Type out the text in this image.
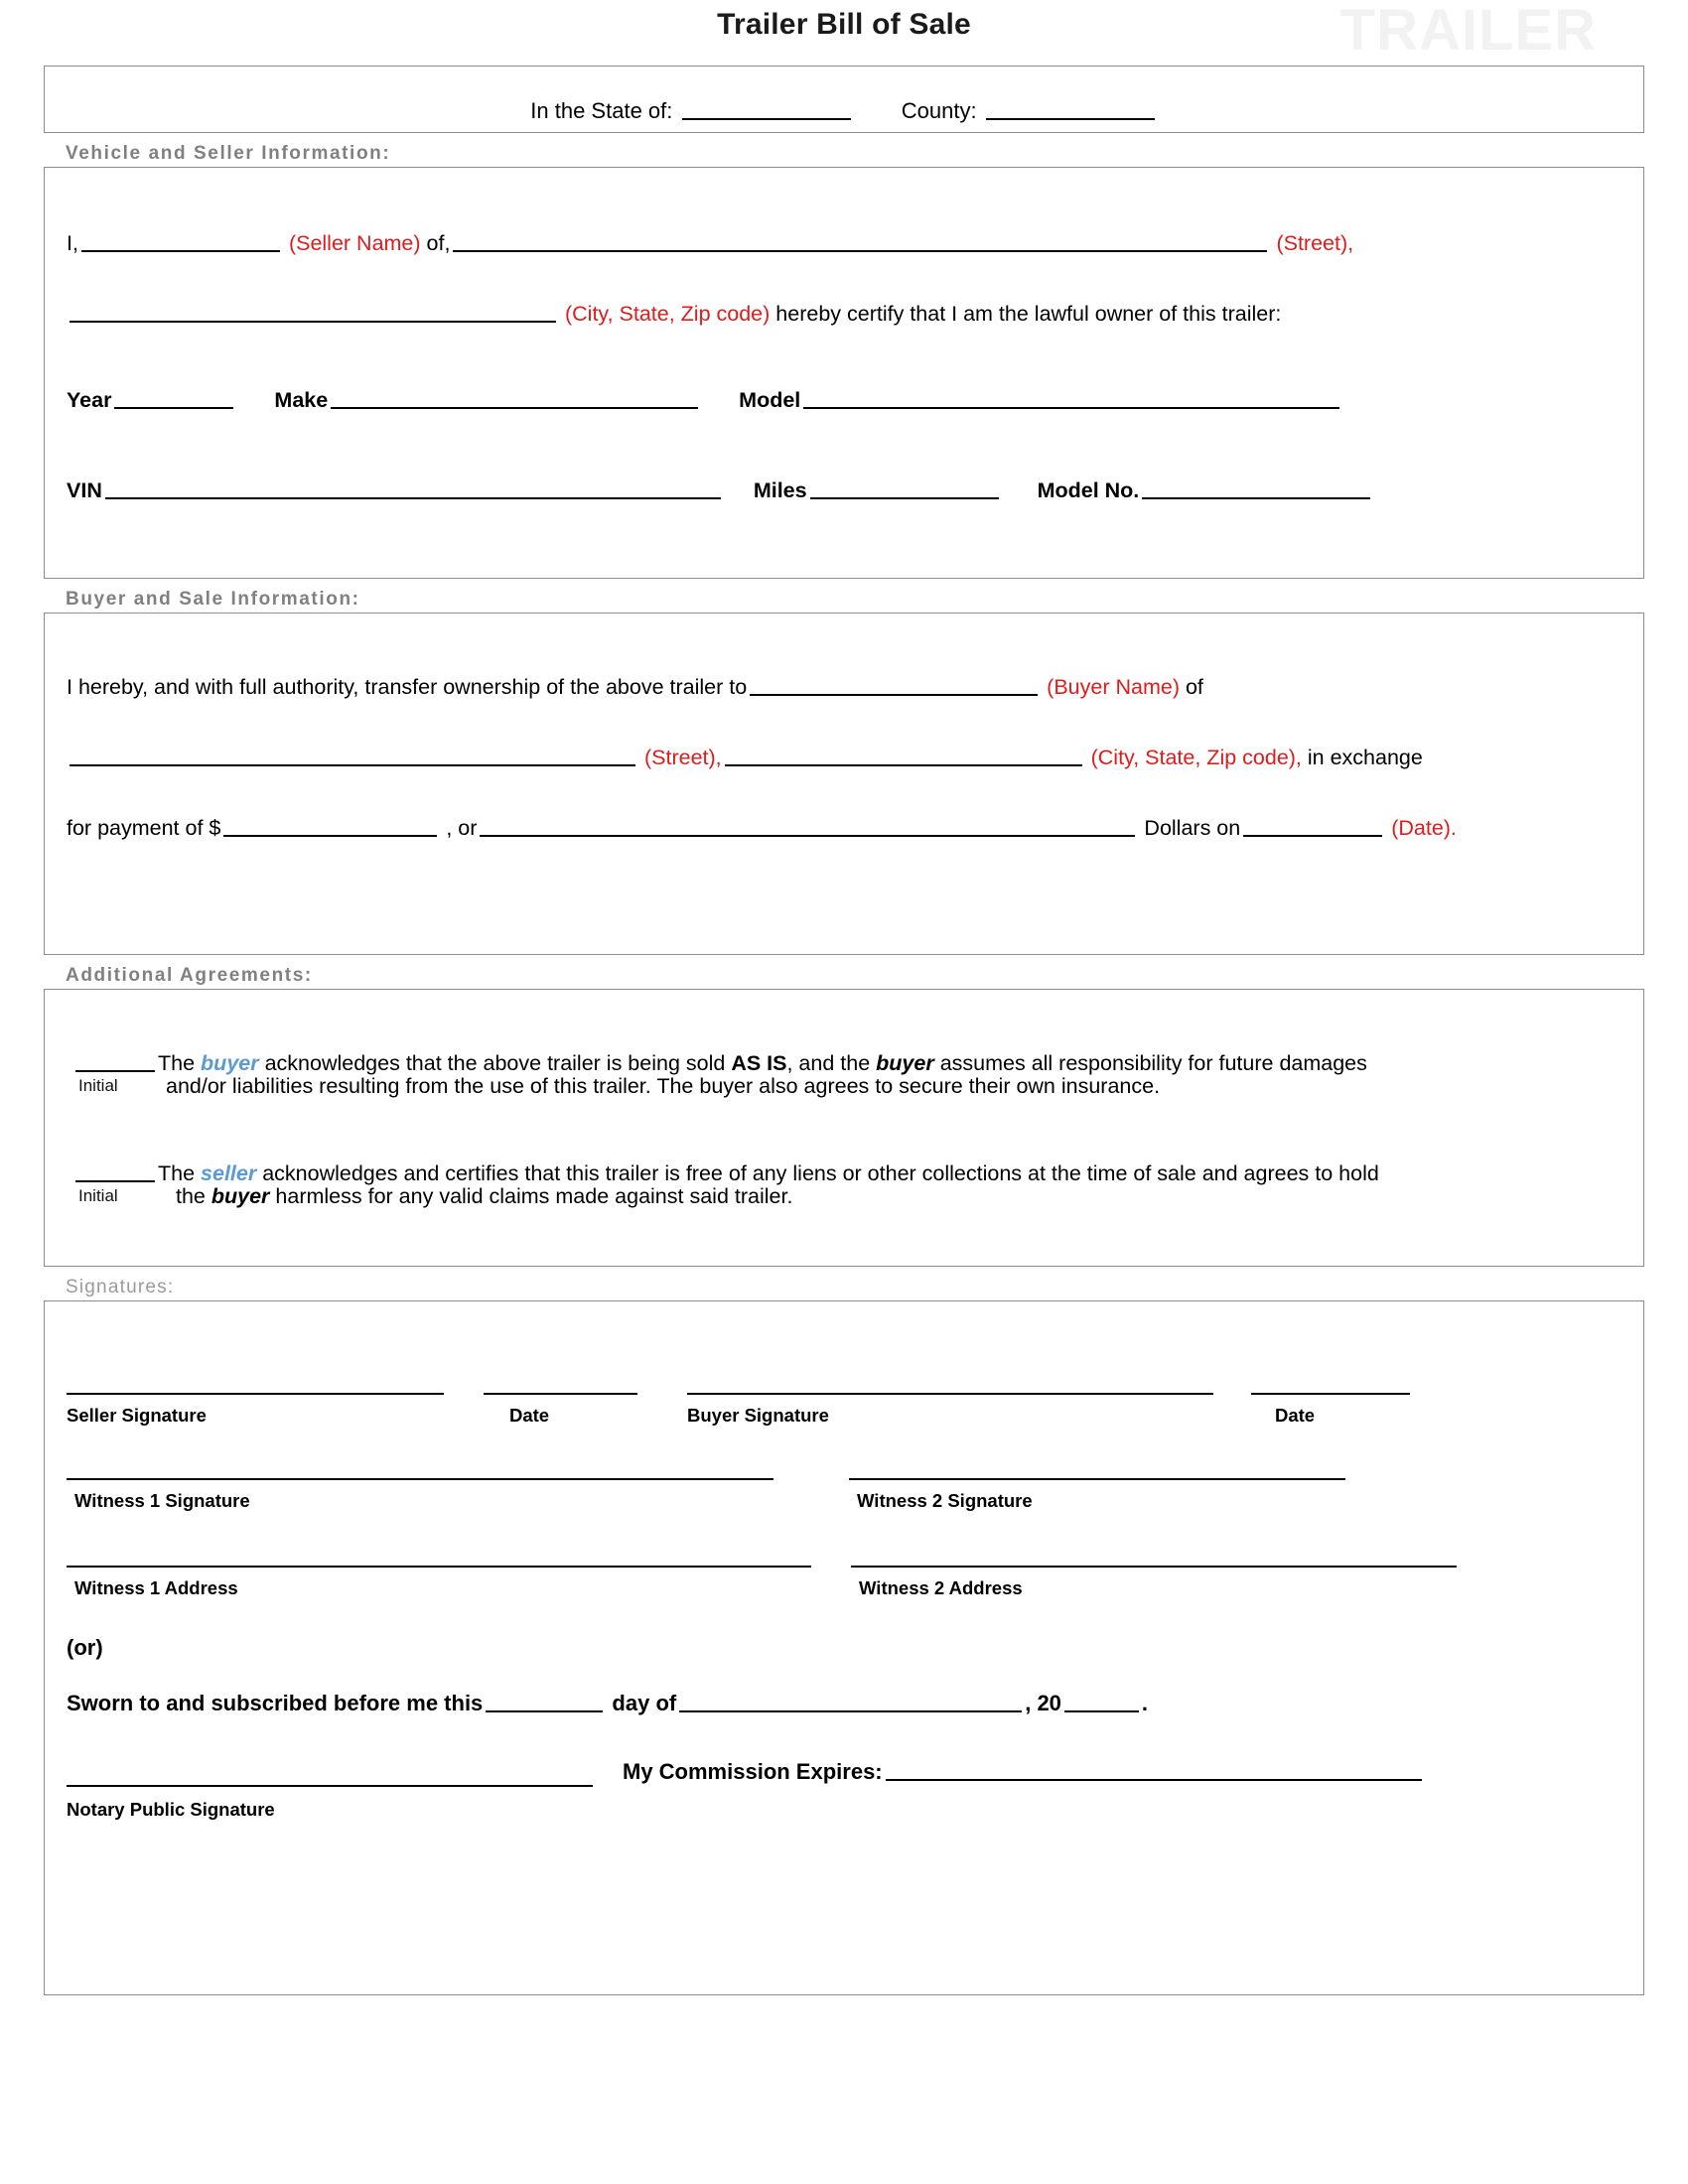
Trailer Bill of Sale	TRAILER
In the State of:	County:
Vehicle and Seller Information:
I,	(Seller Name) of,	(Street),
(City, State, Zip code) hereby certify that I am the lawful owner of this trailer:
Year	Make	Model
VIN	Miles	Model No.
Buyer and Sale Information:
I hereby, and with full authority, transfer ownership of the above trailer to	(Buyer Name) of
(Street),	(City, State, Zip code), in exchange
for payment of $	, or	Dollars on	(Date).
Additional Agreements:
The buyer acknowledges that the above trailer is being sold AS IS, and the buyer assumes all responsibility for future damages
Initial and/or liabilities resulting from the use of this trailer. The buyer also agrees to secure their own insurance.
The seller acknowledges and certifies that this trailer is free of any liens or other collections at the time of sale and agrees to hold
Initial	the buyer harmless for any valid claims made against said trailer.
Signatures:
Seller Signature	Date	Buyer Signature	Date
Witness 1 Signature	Witness 2 Signature
Witness 1 Address	Witness 2 Address
(or)
Sworn to and subscribed before me this	day of	, 20	.
My Commission Expires:
Notary Public Signature
